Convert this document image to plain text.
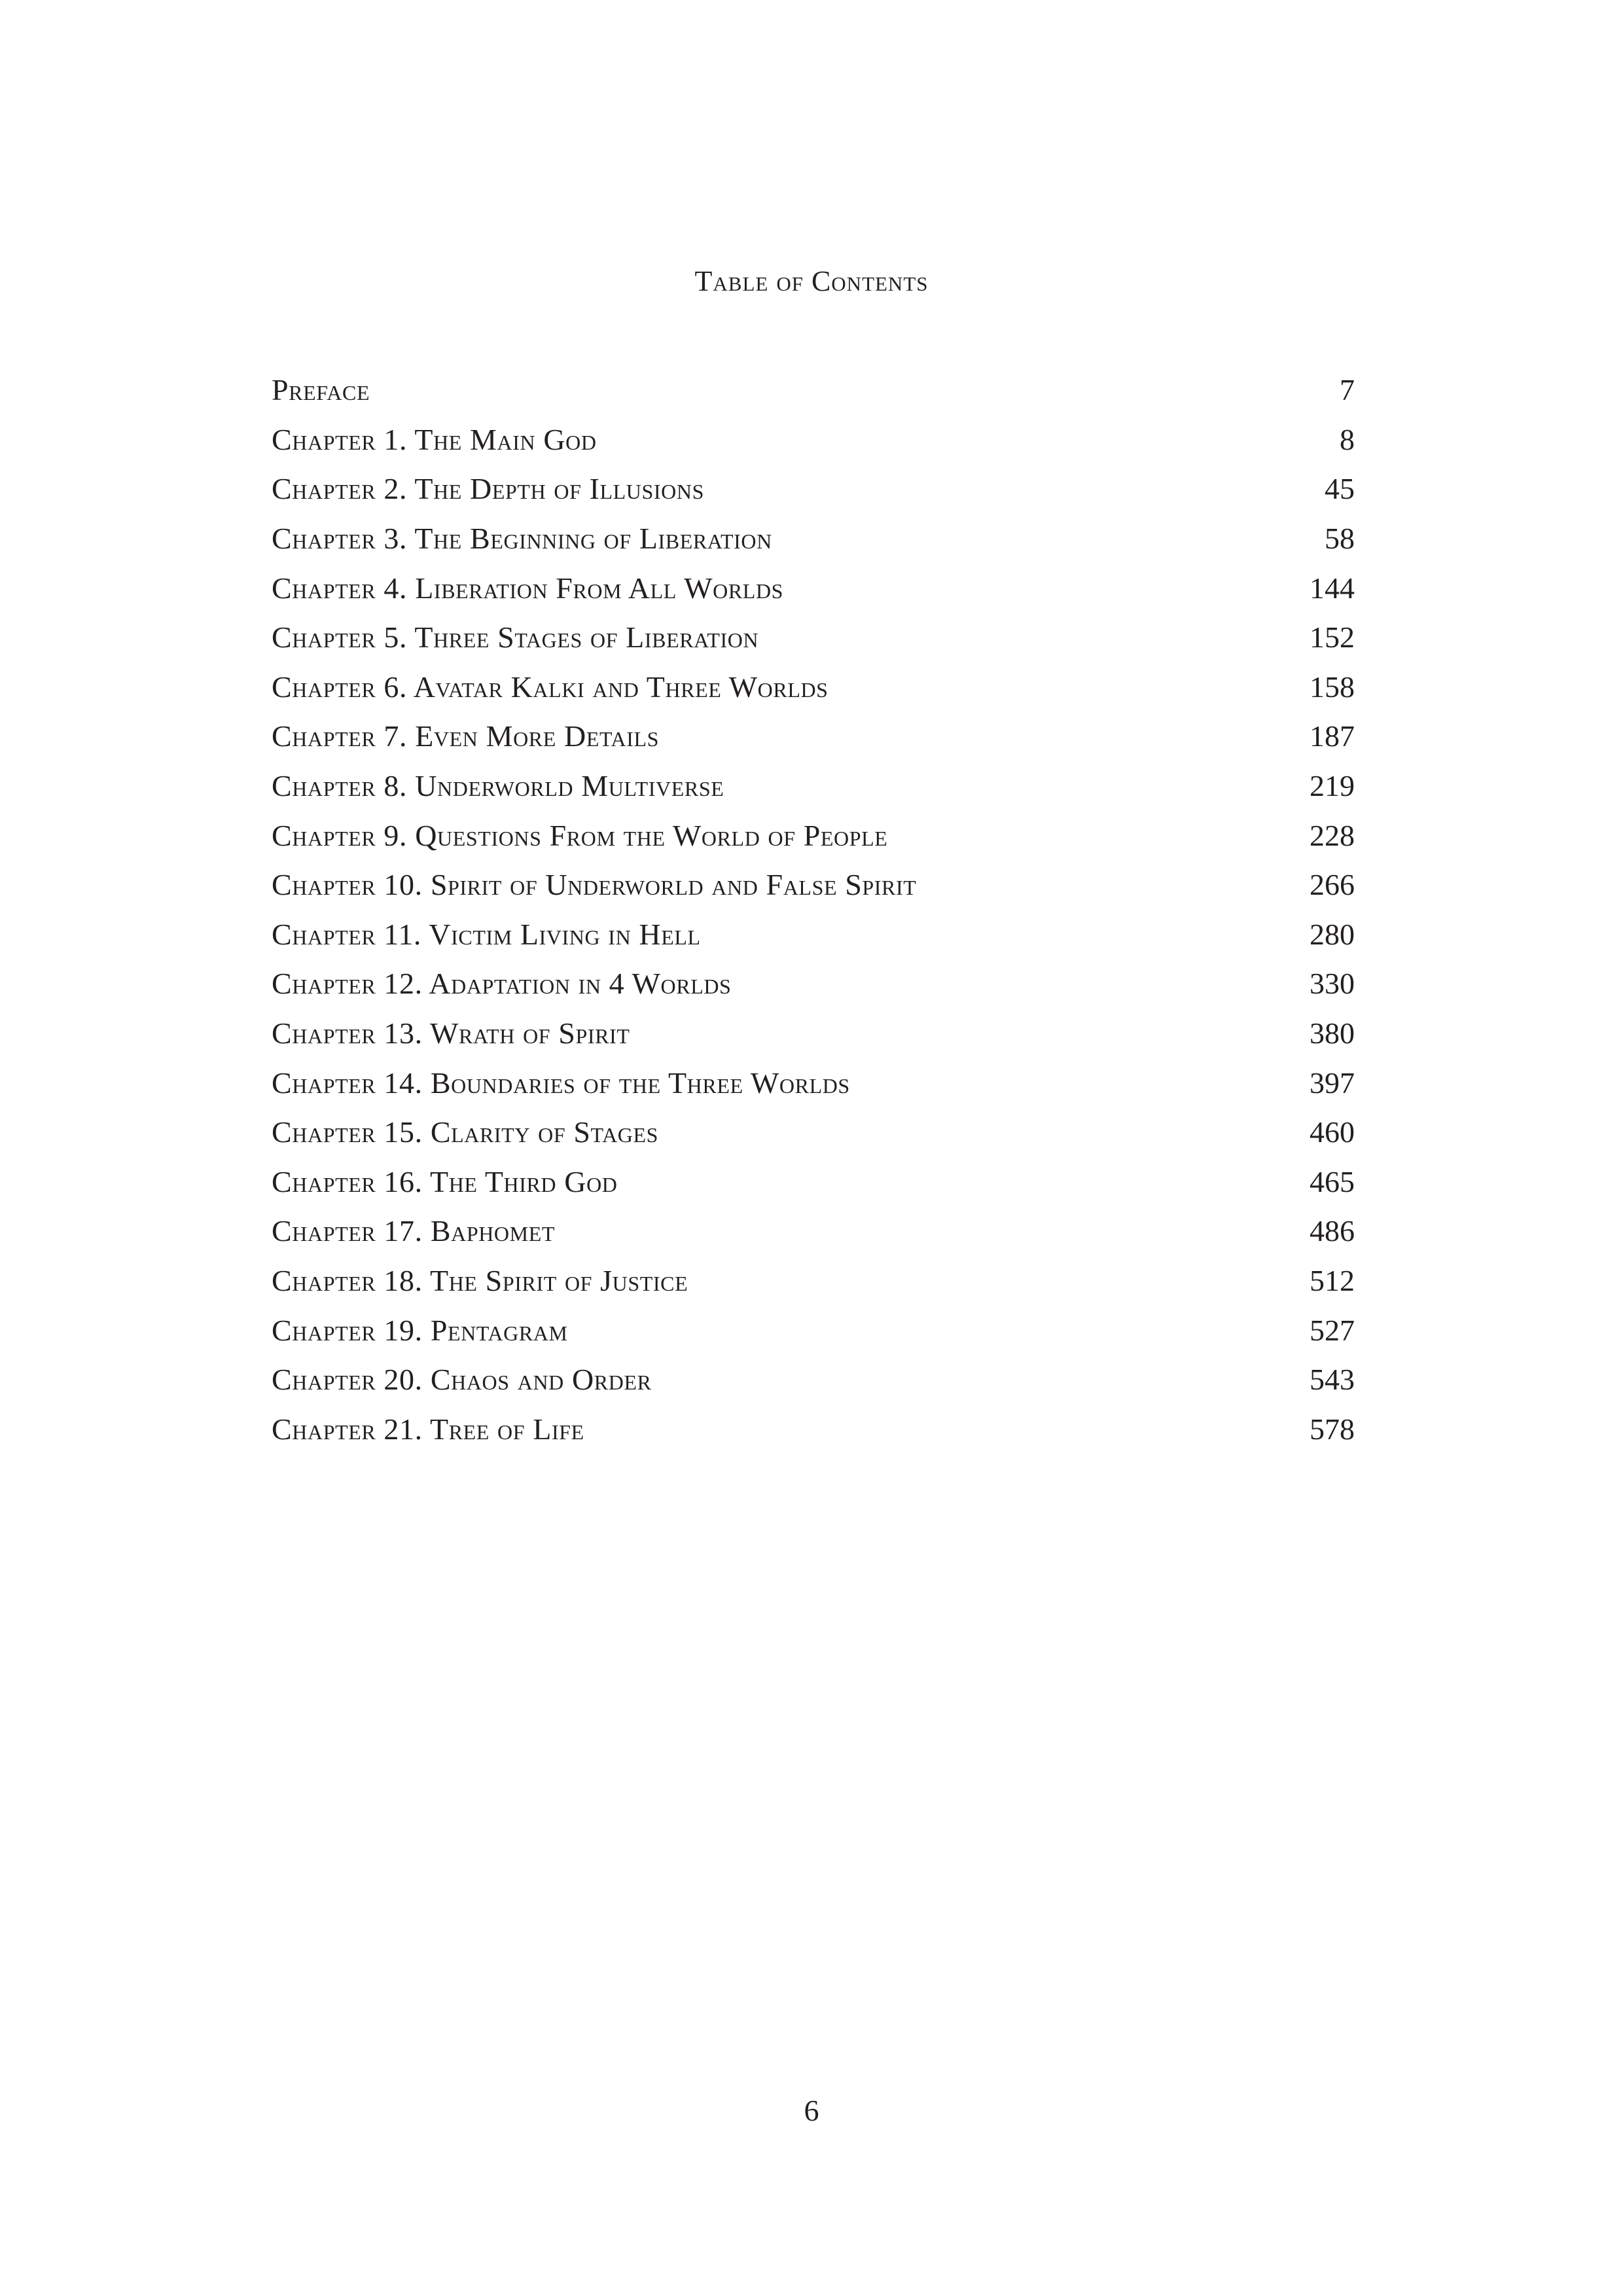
Table of Contents
Preface	7
Chapter 1. The Main God	8
Chapter 2. The Depth of Illusions	45
Chapter 3. The Beginning of Liberation	58
Chapter 4. Liberation From All Worlds	144
Chapter 5. Three Stages of Liberation	152
Chapter 6. Avatar Kalki and Three Worlds	158
Chapter 7. Even More Details	187
Chapter 8. Underworld Multiverse	219
Chapter 9. Questions From the World of People	228
Chapter 10. Spirit of Underworld and False Spirit	266
Chapter 11. Victim Living in Hell	280
Chapter 12. Adaptation in 4 Worlds	330
Chapter 13. Wrath of Spirit	380
Chapter 14. Boundaries of the Three Worlds	397
Chapter 15. Clarity of Stages	460
Chapter 16. The Third God	465
Chapter 17. Baphomet	486
Chapter 18. The Spirit of Justice	512
Chapter 19. Pentagram	527
Chapter 20. Chaos and Order	543
Chapter 21. Tree of Life	578
6
